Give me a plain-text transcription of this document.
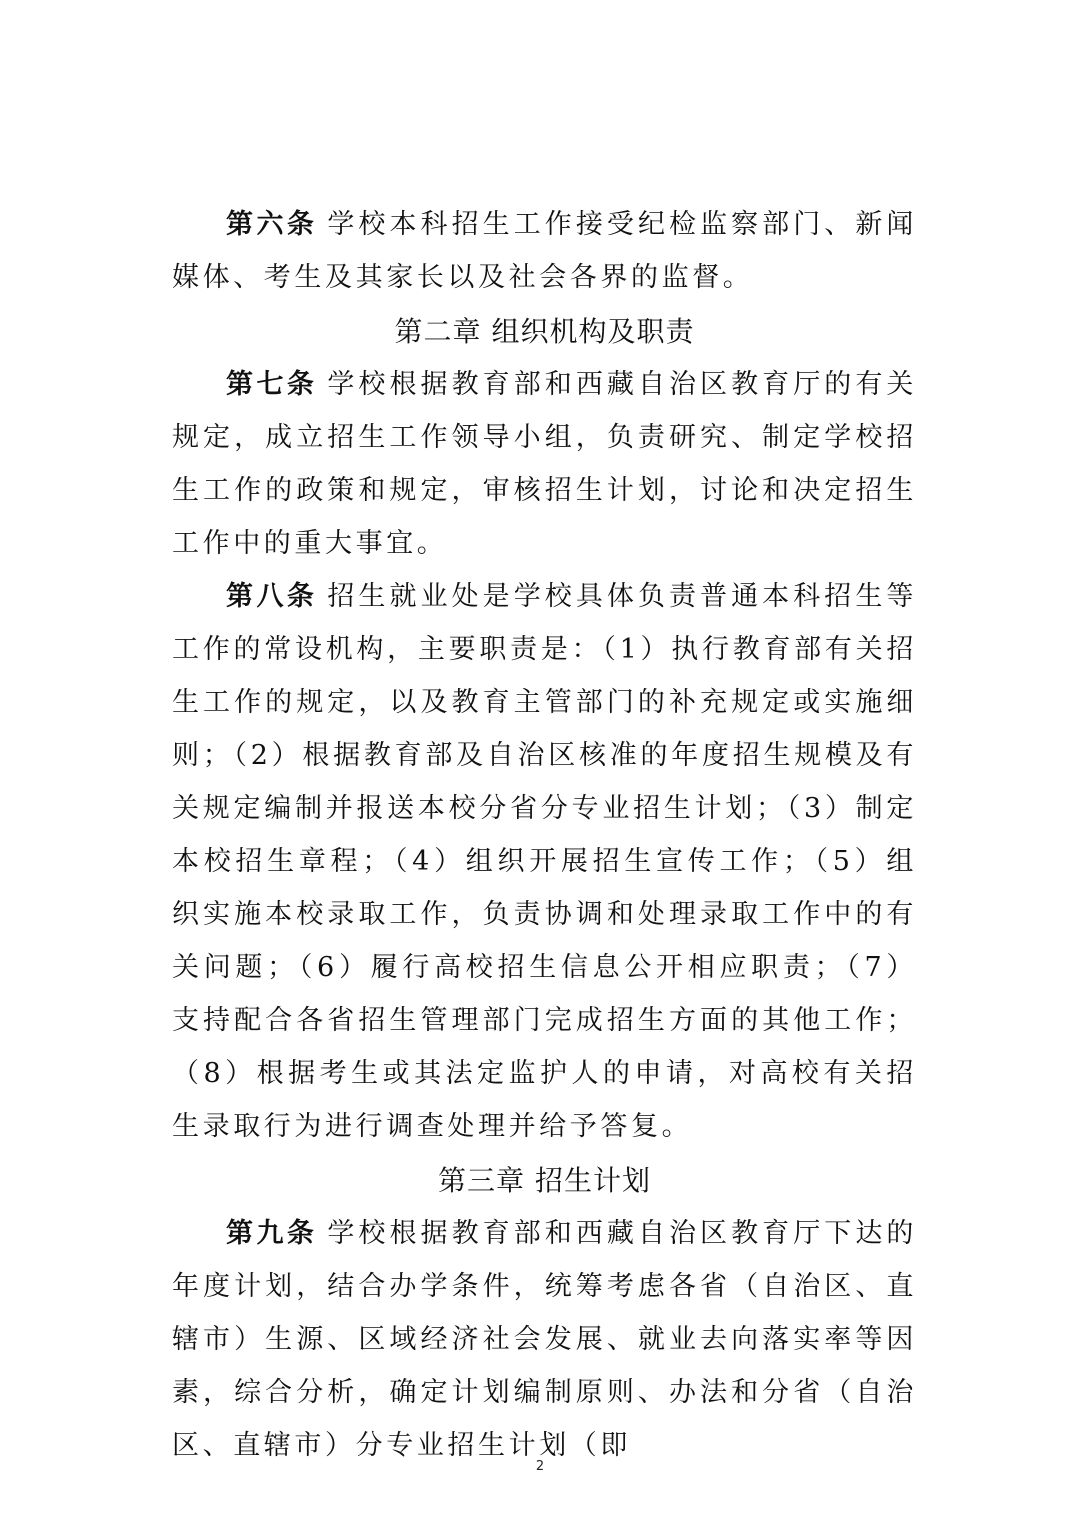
第六条 学校本科招生工作接受纪检监察部门、新闻媒体、考生及其家长以及社会各界的监督。

第二章 组织机构及职责

第七条 学校根据教育部和西藏自治区教育厅的有关规定，成立招生工作领导小组，负责研究、制定学校招生工作的政策和规定，审核招生计划，讨论和决定招生工作中的重大事宜。

第八条 招生就业处是学校具体负责普通本科招生等工作的常设机构，主要职责是：（1）执行教育部有关招生工作的规定，以及教育主管部门的补充规定或实施细则；（2）根据教育部及自治区核准的年度招生规模及有关规定编制并报送本校分省分专业招生计划；（3）制定本校招生章程；（4）组织开展招生宣传工作；（5）组织实施本校录取工作，负责协调和处理录取工作中的有关问题；（6）履行高校招生信息公开相应职责；（7）支持配合各省招生管理部门完成招生方面的其他工作；（8）根据考生或其法定监护人的申请，对高校有关招生录取行为进行调查处理并给予答复。

第三章 招生计划

第九条 学校根据教育部和西藏自治区教育厅下达的年度计划，结合办学条件，统筹考虑各省（自治区、直辖市）生源、区域经济社会发展、就业去向落实率等因素，综合分析，确定计划编制原则、办法和分省（自治区、直辖市）分专业招生计划（即

2
